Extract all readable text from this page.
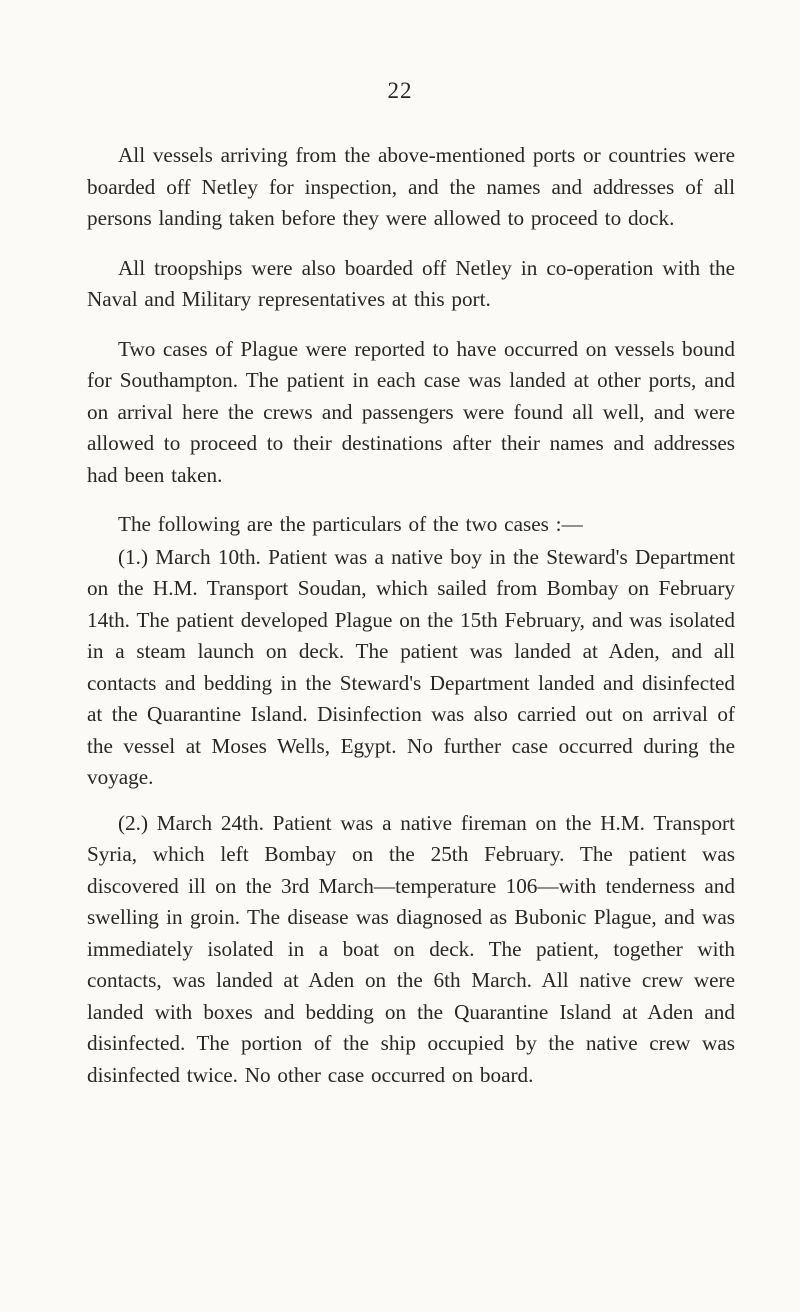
22

All vessels arriving from the above-mentioned ports or countries were boarded off Netley for inspection, and the names and addresses of all persons landing taken before they were allowed to proceed to dock.

All troopships were also boarded off Netley in co-operation with the Naval and Military representatives at this port.

Two cases of Plague were reported to have occurred on vessels bound for Southampton. The patient in each case was landed at other ports, and on arrival here the crews and passengers were found all well, and were allowed to proceed to their destinations after their names and addresses had been taken.

The following are the particulars of the two cases :—

(1.) March 10th. Patient was a native boy in the Steward's Department on the H.M. Transport Soudan, which sailed from Bombay on February 14th. The patient developed Plague on the 15th February, and was isolated in a steam launch on deck. The patient was landed at Aden, and all contacts and bedding in the Steward's Department landed and disinfected at the Quarantine Island. Disinfection was also carried out on arrival of the vessel at Moses Wells, Egypt. No further case occurred during the voyage.

(2.) March 24th. Patient was a native fireman on the H.M. Transport Syria, which left Bombay on the 25th February. The patient was discovered ill on the 3rd March—temperature 106—with tenderness and swelling in groin. The disease was diagnosed as Bubonic Plague, and was immediately isolated in a boat on deck. The patient, together with contacts, was landed at Aden on the 6th March. All native crew were landed with boxes and bedding on the Quarantine Island at Aden and disinfected. The portion of the ship occupied by the native crew was disinfected twice. No other case occurred on board.
